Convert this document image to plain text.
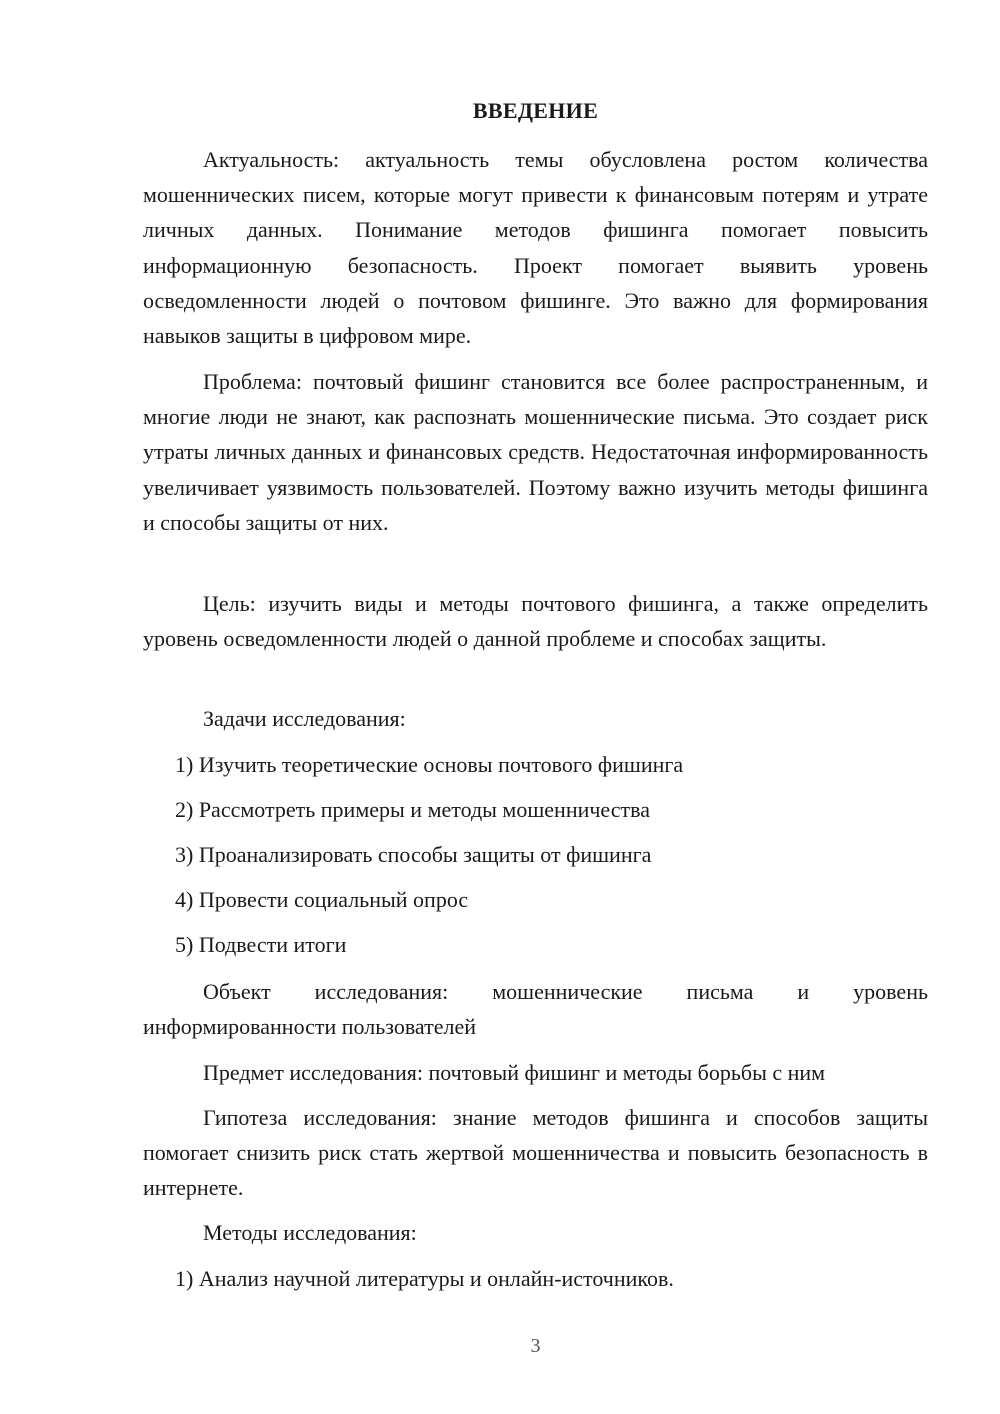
ВВЕДЕНИЕ

Актуальность: актуальность темы обусловлена ростом количества мошеннических писем, которые могут привести к финансовым потерям и утрате личных данных. Понимание методов фишинга помогает повысить информационную безопасность. Проект помогает выявить уровень осведомленности людей о почтовом фишинге. Это важно для формирования навыков защиты в цифровом мире.

Проблема: почтовый фишинг становится все более распространенным, и многие люди не знают, как распознать мошеннические письма. Это создает риск утраты личных данных и финансовых средств. Недостаточная информированность увеличивает уязвимость пользователей. Поэтому важно изучить методы фишинга и способы защиты от них.

Цель: изучить виды и методы почтового фишинга, а также определить уровень осведомленности людей о данной проблеме и способах защиты.

Задачи исследования:
1) Изучить теоретические основы почтового фишинга
2) Рассмотреть примеры и методы мошенничества
3) Проанализировать способы защиты от фишинга
4) Провести социальный опрос
5) Подвести итоги

Объект исследования: мошеннические письма и уровень информированности пользователей

Предмет исследования: почтовый фишинг и методы борьбы с ним

Гипотеза исследования: знание методов фишинга и способов защиты помогает снизить риск стать жертвой мошенничества и повысить безопасность в интернете.

Методы исследования:
1) Анализ научной литературы и онлайн-источников.
3
